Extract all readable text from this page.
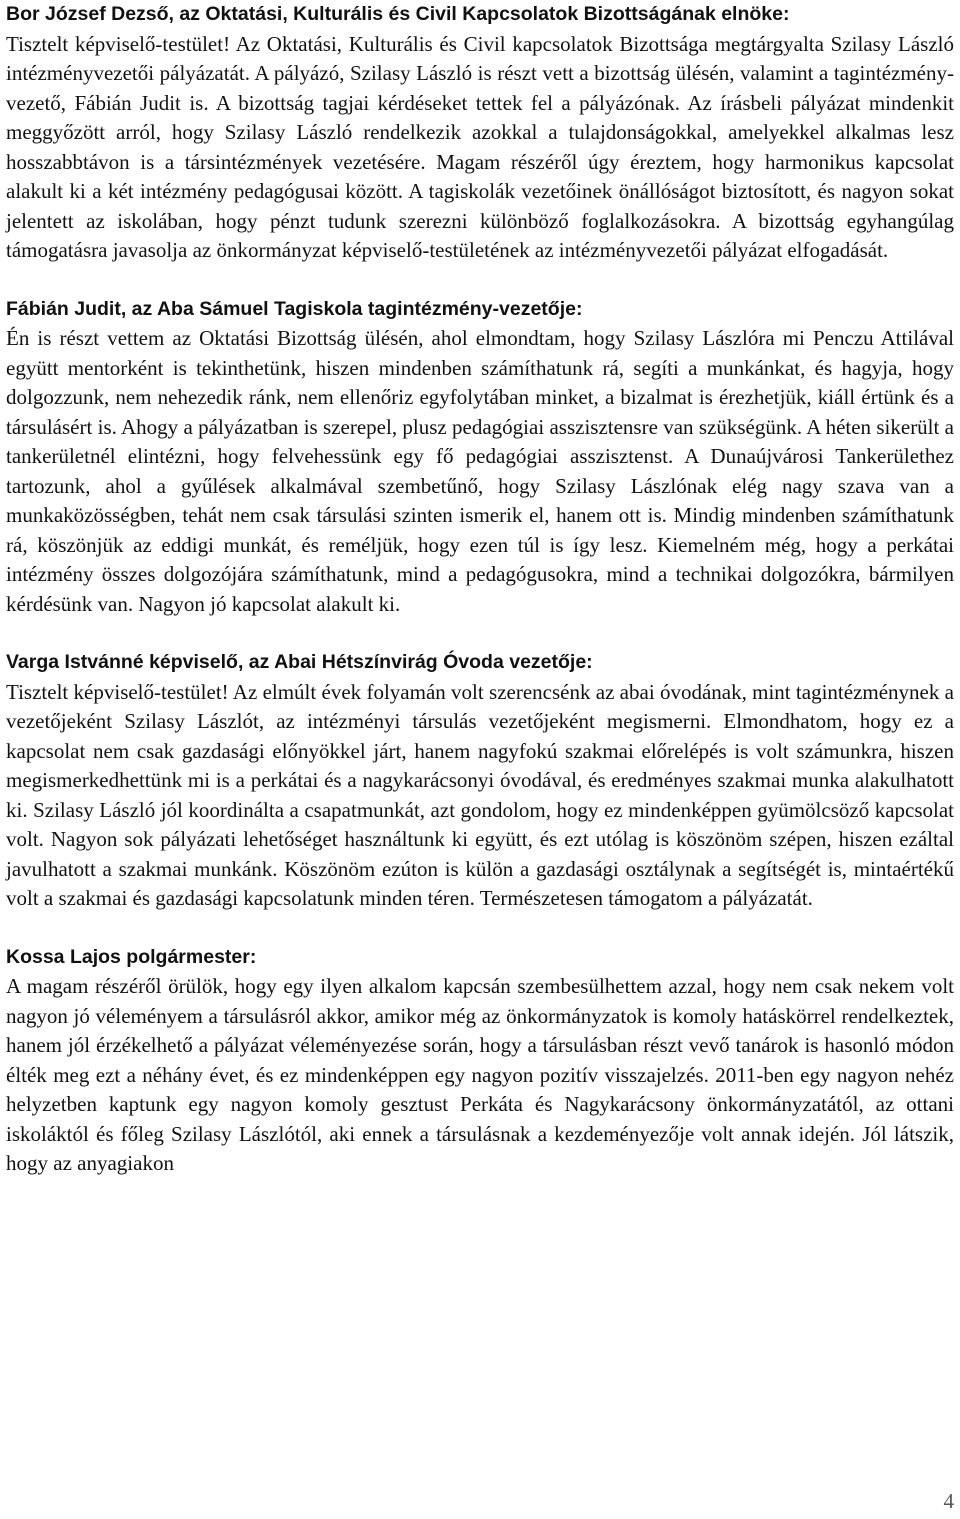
Bor József Dezső, az Oktatási, Kulturális és Civil Kapcsolatok Bizottságának elnöke:

Tisztelt képviselő-testület! Az Oktatási, Kulturális és Civil kapcsolatok Bizottsága megtárgyalta Szilasy László intézményvezetői pályázatát. A pályázó, Szilasy László is részt vett a bizottság ülésén, valamint a tagintézmény-vezető, Fábián Judit is. A bizottság tagjai kérdéseket tettek fel a pályázónak. Az írásbeli pályázat mindenkit meggyőzött arról, hogy Szilasy László rendelkezik azokkal a tulajdonságokkal, amelyekkel alkalmas lesz hosszabbtávon is a társintézmények vezetésére. Magam részéről úgy éreztem, hogy harmonikus kapcsolat alakult ki a két intézmény pedagógusai között. A tagiskolák vezetőinek önállóságot biztosított, és nagyon sokat jelentett az iskolában, hogy pénzt tudunk szerezni különböző foglalkozásokra. A bizottság egyhangúlag támogatásra javasolja az önkormányzat képviselő-testületének az intézményvezetői pályázat elfogadását.

Fábián Judit, az Aba Sámuel Tagiskola tagintézmény-vezetője:

Én is részt vettem az Oktatási Bizottság ülésén, ahol elmondtam, hogy Szilasy Lászlóra mi Penczu Attilával együtt mentorként is tekinthetünk, hiszen mindenben számíthatunk rá, segíti a munkánkat, és hagyja, hogy dolgozzunk, nem nehezedik ránk, nem ellenőriz egyfolytában minket, a bizalmat is érezhetjük, kiáll értünk és a társulásért is. Ahogy a pályázatban is szerepel, plusz pedagógiai asszisztensre van szükségünk. A héten sikerült a tankerületnél elintézni, hogy felvehessünk egy fő pedagógiai asszisztenst. A Dunaújvárosi Tankerülethez tartozunk, ahol a gyűlések alkalmával szembetűnő, hogy Szilasy Lászlónak elég nagy szava van a munkaközösségben, tehát nem csak társulási szinten ismerik el, hanem ott is. Mindig mindenben számíthatunk rá, köszönjük az eddigi munkát, és reméljük, hogy ezen túl is így lesz. Kiemelném még, hogy a perkátai intézmény összes dolgozójára számíthatunk, mind a pedagógusokra, mind a technikai dolgozókra, bármilyen kérdésünk van. Nagyon jó kapcsolat alakult ki.

Varga Istvánné képviselő, az Abai Hétszínvirág Óvoda vezetője:

Tisztelt képviselő-testület! Az elmúlt évek folyamán volt szerencsénk az abai óvodának, mint tagintézménynek a vezetőjeként Szilasy Lászlót, az intézményi társulás vezetőjeként megismerni. Elmondhatom, hogy ez a kapcsolat nem csak gazdasági előnyökkel járt, hanem nagyfokú szakmai előrelépés is volt számunkra, hiszen megismerkedhettünk mi is a perkátai és a nagykarácsonyi óvodával, és eredményes szakmai munka alakulhatott ki. Szilasy László jól koordinálta a csapatmunkát, azt gondolom, hogy ez mindenképpen gyümölcsöző kapcsolat volt. Nagyon sok pályázati lehetőséget használtunk ki együtt, és ezt utólag is köszönöm szépen, hiszen ezáltal javulhatott a szakmai munkánk. Köszönöm ezúton is külön a gazdasági osztálynak a segítségét is, mintaértékű volt a szakmai és gazdasági kapcsolatunk minden téren. Természetesen támogatom a pályázatát.

Kossa Lajos polgármester:

A magam részéről örülök, hogy egy ilyen alkalom kapcsán szembesülhettem azzal, hogy nem csak nekem volt nagyon jó véleményem a társulásról akkor, amikor még az önkormányzatok is komoly hatáskörrel rendelkeztek, hanem jól érzékelhető a pályázat véleményezése során, hogy a társulásban részt vevő tanárok is hasonló módon élték meg ezt a néhány évet, és ez mindenképpen egy nagyon pozitív visszajelzés. 2011-ben egy nagyon nehéz helyzetben kaptunk egy nagyon komoly gesztust Perkáta és Nagykarácsony önkormányzatától, az ottani iskoláktól és főleg Szilasy Lászlótól, aki ennek a társulásnak a kezdeményezője volt annak idején. Jól látszik, hogy az anyagiakon

4
